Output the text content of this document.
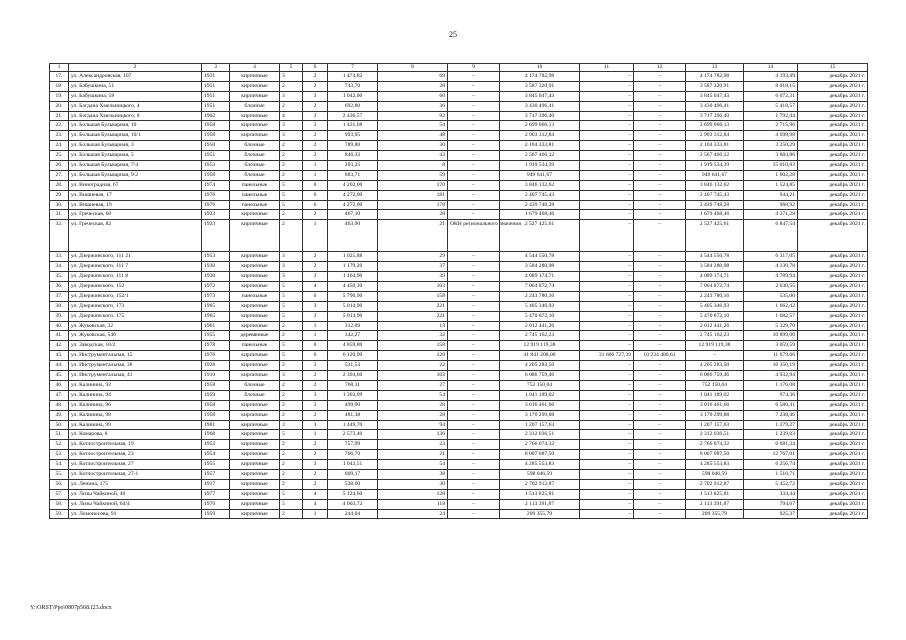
25
1	2	3	4	5	6	7	8	9	10	11	12	13	14	15
17.	ул. Александровская, 107	1931	кирпичные	3	2	1 474,82	69	–	4 174 782,98	–	–	4 174 782,98	4 193,49	декабрь 2021 г.
18.	ул. Бабушкина, 51	1951	кирпичные	2	2	743,70	28	–	3 587 320,91	–	–	3 587 320,91	8 018,15	декабрь 2021 г.
19.	ул. Бабушкина, 58	1951	кирпичные	3	3	1 042,00	60	–	3 845 047,43	–	–	3 845 047,43	6 072,31	декабрь 2021 г.
20.	ул. Богдана Хмельницкого, 4	1951	блочные	2	2	692,80	36	–	3 430 496,41	–	–	3 430 496,41	5 418,57	декабрь 2021 г.
21.	ул. Богдана Хмельницкого, 8	1962	кирпичные	4	3	2 436,57	92	–	3 717 396,40	–	–	3 717 396,40	1 792,44	декабрь 2021 г.
22.	ул. Большая Бульварная, 10	1958	кирпичные	3	2	1 431,68	54	–	2 699 066,13	–	–	2 699 066,13	2 715,96	декабрь 2021 г.
23.	ул. Большая Бульварная, 10/1	1958	кирпичные	3	2	993,95	48	–	2 903 312,84	–	–	2 903 312,84	4 698,98	декабрь 2021 г.
24.	ул. Большая Бульварная, 3	1950	блочные	2	2	789,80	30	–	2 104 333,81	–	–	2 104 333,81	3 250,29	декабрь 2021 г.
25.	ул. Большая Бульварная, 5	1951	блочные	2	2	846,33	43	–	2 567 466,12	–	–	2 567 466,12	3 884,86	декабрь 2021 г.
26.	ул. Большая Бульварная, 7/4	1953	блочные	2	1	203,25	8	–	1 919 534,39	–	–	1 919 534,39	15 010,83	декабрь 2021 г.
27.	ул. Большая Бульварная, 9/2	1958	блочные	2	1	883,71	59	–	949 641,67	–	–	949 641,67	1 602,28	декабрь 2021 г.
28.	ул. Виноградная, 67	1974	панельные	5	6	4 202,00	170	–	3 846 132,62	–	–	3 846 132,62	1 524,85	декабрь 2021 г.
29.	ул. Вишневая, 17	1976	панельные	5	6	4 272,00	181	–	2 407 745,43	–	–	2 407 745,43	944,21	декабрь 2021 г.
30.	ул. Вишневая, 19	1976	панельные	5	6	4 272,00	178	–	2 439 748,28	–	–	2 439 748,28	968,92	декабрь 2021 г.
31.	ул. Греческая, 60	1923	кирпичные	2	2	467,10	28	–	1 679 468,46	–	–	1 679 468,46	4 271,28	декабрь 2021 г.
32.	ул. Греческая, 82	1923	кирпичные	2	1	463,90	21	ОКН регионального значения	2 527 425,61	–	–	2 527 425,61	6 847,54	декабрь 2021 г.
33.	ул. Дзержинского, 111 21	1953	кирпичные	3	2	1 025,88	29	–	4 544 550,78	–	–	4 544 550,78	6 317,05	декабрь 2021 г.
34.	ул. Дзержинского, 111 7	1930	кирпичные	3	2	1 179,20	37	–	3 584 280,98	–	–	3 584 280,98	4 130,78	декабрь 2021 г.
35.	ул. Дзержинского, 111 8	1930	кирпичные	3	3	1 164,90	39	–	4 089 174,71	–	–	4 089 174,71	4 789,94	декабрь 2021 г.
36.	ул. Дзержинского, 152	1972	кирпичные	5	4	4 450,30	103	–	7 064 872,74	–	–	7 064 872,74	2 630,55	декабрь 2021 г.
37.	ул. Дзержинского, 152/1	1973	панельные	5	6	5 790,90	158	–	2 243 780,16	–	–	2 243 780,16	535,00	декабрь 2021 г.
38.	ул. Дзержинского, 173	1965	кирпичные	5	3	5 014,90	221	–	5 405 346,93	–	–	5 405 346,93	1 662,42	декабрь 2021 г.
39.	ул. Дзержинского, 175	1965	кирпичные	5	3	5 014,90	221	–	5 470 872,10	–	–	5 470 872,10	1 682,57	декабрь 2021 г.
40.	ул. Жуковская, 32	1961	кирпичные	2	1	312,09	13	–	2 012 441,26	–	–	2 012 441,26	5 329,70	декабрь 2021 г.
41.	ул. Жуковская, 54б	1955	деревянные	2	1	342,27	32	–	2 745 162,23	–	–	2 745 162,23	10 899,00	декабрь 2021 г.
42.	ул. Заводская, 10/2	1978	панельные	5	6	4 859,80	158	–	12 919 119,38	–	–	12 919 119,38	3 059,59	декабрь 2021 г.
43.	ул. Инструментальная, 15	1976	кирпичные	5	6	6 120,90	128	–	41 841 208,00	31 606 727,39	10 234 480,61	–	11 679,66	декабрь 2021 г.
44.	ул. Инструментальная, 38	1928	кирпичные	2	2	531,53	22	–	4 205 283,50	–	–	4 205 283,50	10 350,19	декабрь 2021 г.
45.	ул. Инструментальная, 41	1910	кирпичные	3	2	2 394,60	103	–	6 086 759,46	–	–	6 086 759,46	4 932,94	декабрь 2021 г.
46.	ул. Калинина, 92	1958	блочные	2	2	760,11	27	–	752 150,04	–	–	752 150,04	1 176,08	декабрь 2021 г.
47.	ул. Калинина, 94	1959	блочные	2	3	1 303,99	54	–	1 041 189,02	–	–	1 041 189,02	974,36	декабрь 2021 г.
48.	ул. Калинина, 96	1958	кирпичные	2	2	499,90	28	–	3 016 461,66	–	–	3 016 461,66	6 580,41	декабрь 2021 г.
49.	ул. Калинина, 98	1958	кирпичные	2	2	481,38	28	–	3 170 299,88	–	–	3 170 299,88	7 238,46	декабрь 2021 г.
50.	ул. Калинина, 99	1961	кирпичные	3	3	1 449,70	94	–	1 207 157,63	–	–	1 207 157,63	1 279,27	декабрь 2021 г.
51.	ул. Комарова, 8	1968	кирпичные	5	1	2 573,40	136	–	2 312 036,51	–	–	2 312 036,51	1 239,03	декабрь 2021 г.
52.	ул. Котлостроительная, 19	1953	кирпичные	2	2	757,99	23	–	2 766 074,32	–	–	2 766 074,32	6 681,34	декабрь 2021 г.
53.	ул. Котлостроительная, 23	1954	кирпичные	2	2	766,70	21	–	8 007 087,50	–	–	8 007 087,50	12 767,01	декабрь 2021 г.
54.	ул. Котлостроительная, 27	1955	кирпичные	2	3	1 043,51	54	–	4 285 553,83	–	–	4 285 553,83	6 256,74	декабрь 2021 г.
55.	ул. Котлостроительная, 27-1	1957	кирпичные	2	2	609,17	38	–	598 046,59	–	–	598 046,59	1 510,71	декабрь 2021 г.
56.	ул. Ленина, 175	1917	кирпичные	2	2	538,60	30	–	2 702 912,87	–	–	2 702 912,87	5 452,72	декабрь 2021 г.
57.	ул. Лизы Чайкиной, 40	1977	кирпичные	5	4	5 124,60	128	–	1 513 825,81	–	–	1 513 825,81	334,44	декабрь 2021 г.
58.	ул. Лизы Чайкиной, 64/4	1970	кирпичные	5	4	4 003,72	118	–	2 113 391,87	–	–	2 113 391,87	794,67	декабрь 2021 г.
59.	ул. Ломоносова, 91	1959	кирпичные	2	1	244,04	24	–	209 355,79	–	–	209 355,79	925,37	декабрь 2021 г.
Y:\ORST\Ppo\0807p568.f23.docx
